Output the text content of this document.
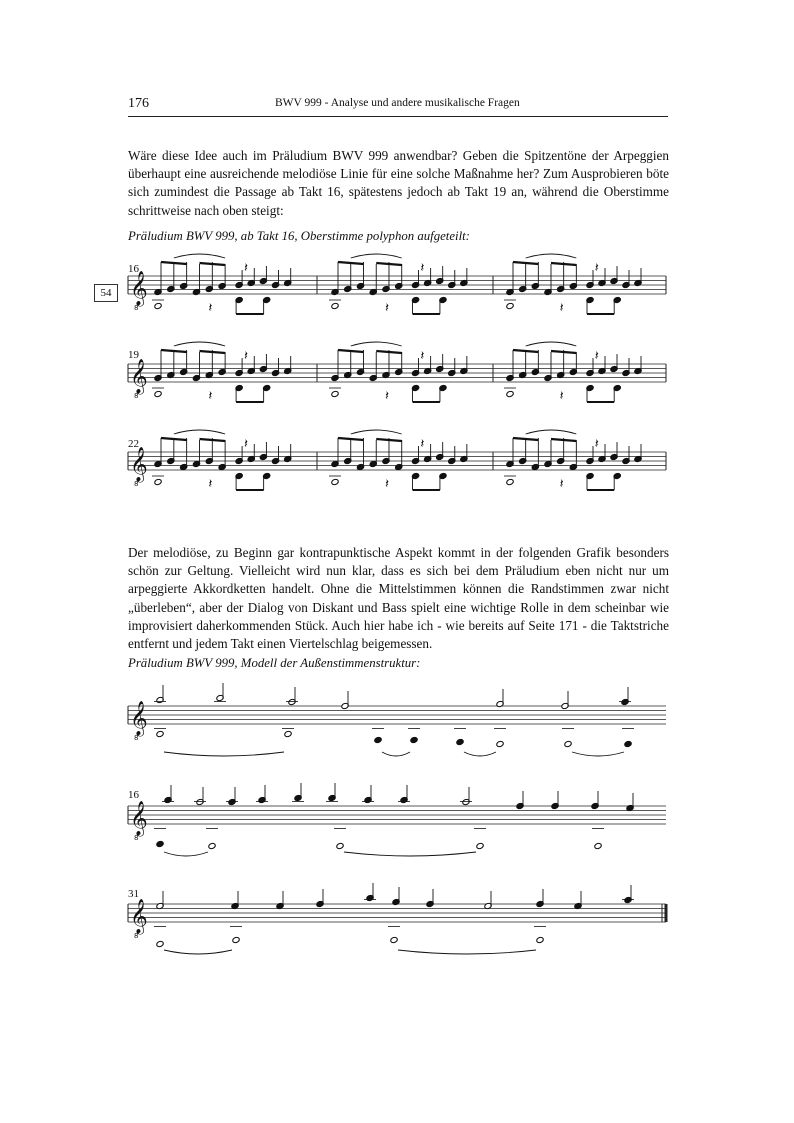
176	BWV 999 - Analyse und andere musikalische Fragen

Wäre diese Idee auch im Präludium BWV 999 anwendbar? Geben die Spitzentöne der Arpeggien überhaupt eine ausreichende melodiöse Linie für eine solche Maßnahme her? Zum Ausprobieren böte sich zumindest die Passage ab Takt 16, spätestens jedoch ab Takt 19 an, während die Oberstimme schrittweise nach oben steigt:

Präludium BWV 999, ab Takt 16, Oberstimme polyphon aufgeteilt:
54 𝄞
8
𝄽
𝄽
𝄽
𝄽
𝄽
𝄽
𝄞
8
𝄽
𝄽
𝄽
𝄽
𝄽
𝄽
𝄞
8
𝄽
𝄽
𝄽
𝄽
𝄽
𝄽
𝄞
8
𝄞
8
𝄞
8
16
19
22
16
31

Der melodiöse, zu Beginn gar kontrapunktische Aspekt kommt in der folgenden Grafik besonders schön zur Geltung. Vielleicht wird nun klar, dass es sich bei dem Präludium eben nicht nur um arpeggierte Akkordketten handelt. Ohne die Mittelstimmen können die Randstimmen zwar nicht „überleben“, aber der Dialog von Diskant und Bass spielt eine wichtige Rolle in dem scheinbar wie improvisiert daherkommenden Stück. Auch hier habe ich - wie bereits auf Seite 171 - die Taktstriche entfernt und jedem Takt einen Viertelschlag beigemessen.

Präludium BWV 999, Modell der Außenstimmenstruktur:
